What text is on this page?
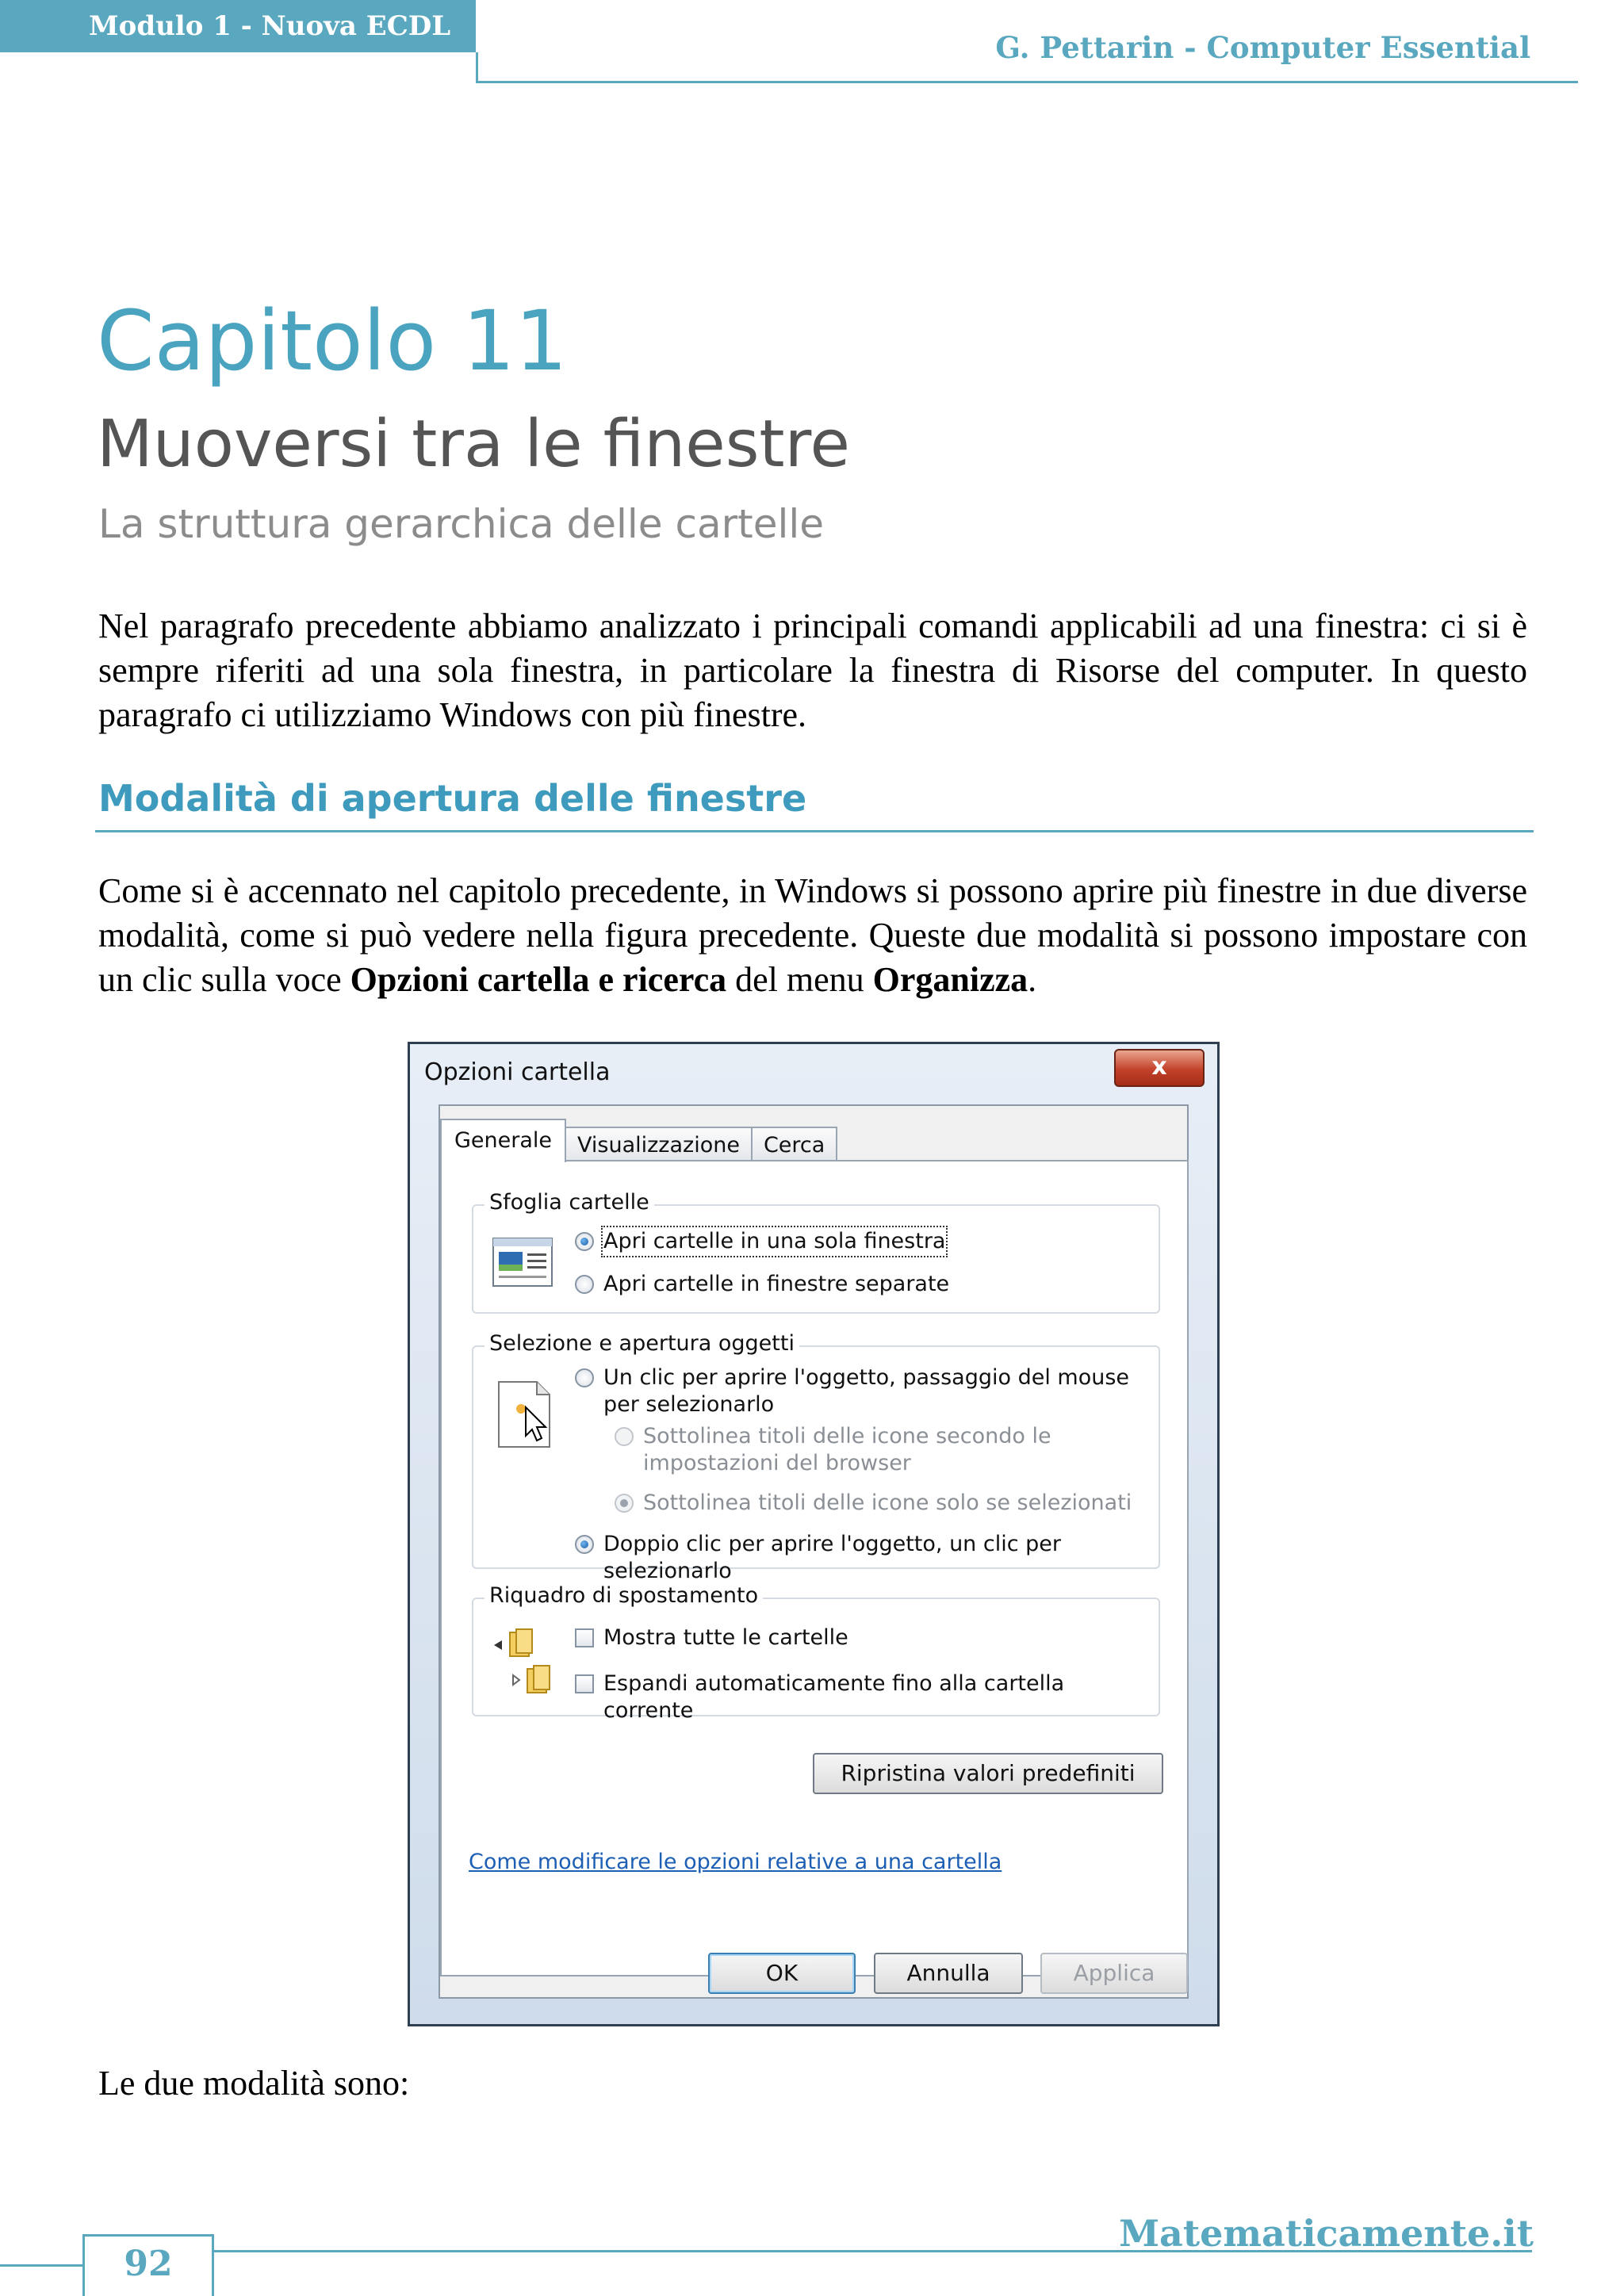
Modulo 1 - Nuova ECDL
G. Pettarin - Computer Essential
Capitolo 11
Muoversi tra le finestre
La struttura gerarchica delle cartelle

Nel paragrafo precedente abbiamo analizzato i principali comandi applicabili ad una finestra: ci si è sempre riferiti ad una sola finestra, in particolare la finestra di Risorse del computer. In questo paragrafo ci utilizziamo Windows con più finestre.

Modalità di apertura delle finestre

Come si è accennato nel capitolo precedente, in Windows si possono aprire più finestre in due diverse modalità, come si può vedere nella figura precedente. Queste due modalità si possono impostare con un clic sulla voce Opzioni cartella e ricerca del menu Organizza.

Opzioni cartella	x
Generale	Visualizzazione	Cerca
Sfoglia cartelle
Apri cartelle in una sola finestra
Apri cartelle in finestre separate
Selezione e apertura oggetti
Un clic per aprire l'oggetto, passaggio del mouse per selezionarlo
Sottolinea titoli delle icone secondo le impostazioni del browser
Sottolinea titoli delle icone solo se selezionati
Doppio clic per aprire l'oggetto, un clic per selezionarlo
Riquadro di spostamento
Mostra tutte le cartelle
Espandi automaticamente fino alla cartella corrente
Ripristina valori predefiniti
Come modificare le opzioni relative a una cartella
OK	Annulla	Applica

Le due modalità sono:

92
Matematicamente.it
